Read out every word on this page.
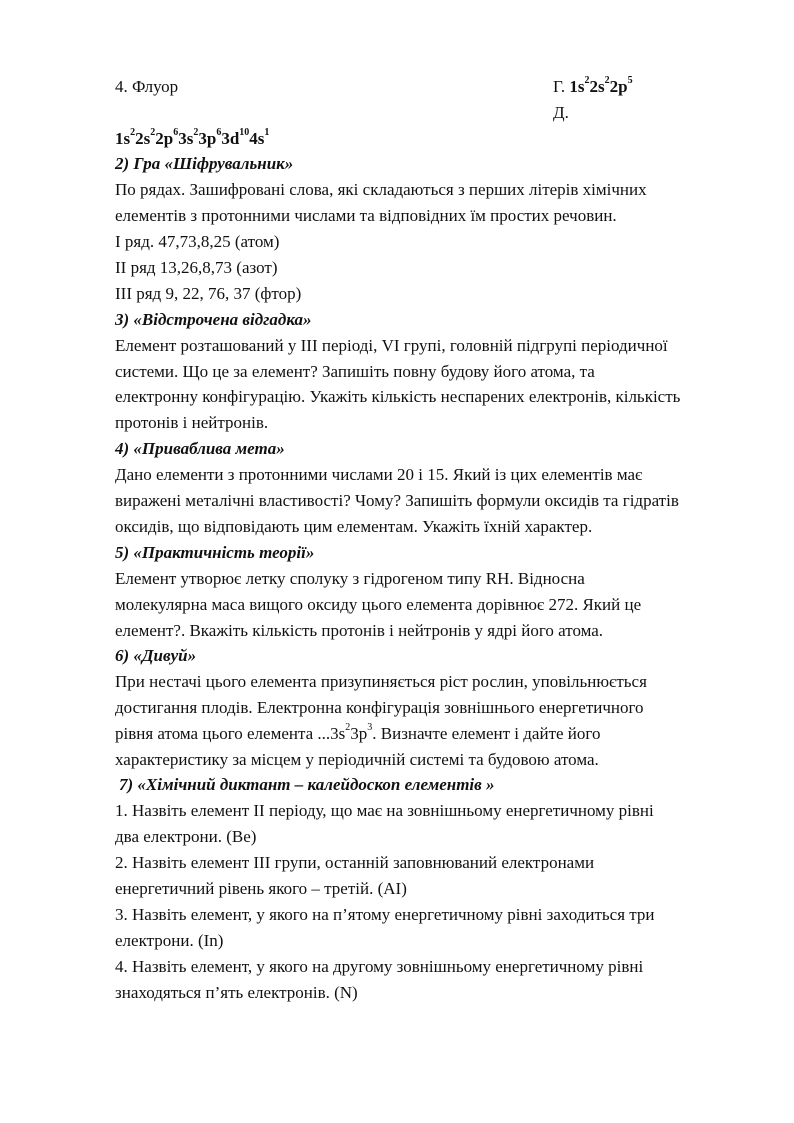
4. Флуор	Г. $1s^22s^22p^5$
Д.
$1s^22s^22p^63s^23p^63d^{10}4s^1$
2) Гра «Шіфрувальник»
По рядах. Зашифровані слова, які складаються з перших літерів хімічних
елементів з протонними числами та відповідних їм простих речовин.
І ряд. 47,73,8,25 (атом)
ІІ ряд 13,26,8,73 (азот)
ІІІ ряд 9, 22, 76, 37 (фтор)
3) «Відстрочена відгадка»
Елемент розташований у ІІІ періоді, VІ групі, головній підгрупі періодичної
системи. Що це за елемент? Запишіть повну будову його атома, та
електронну конфігурацію. Укажіть кількість неспарених електронів, кількість
протонів і нейтронів.
4) «Приваблива мета»
Дано елементи з протонними числами 20 і 15. Який із цих елементів має
виражені металічні властивості? Чому? Запишіть формули оксидів та гідратів
оксидів, що відповідають цим елементам. Укажіть їхній характер.
5) «Практичність теорії»
Елемент утворює летку сполуку з гідрогеном типу RH. Відносна
молекулярна маса вищого оксиду цього елемента дорівнює 272. Який це
елемент?. Вкажіть кількість протонів і нейтронів у ядрі його атома.
6) «Дивуй»
При нестачі цього елемента призупиняється ріст рослин, уповільнюється
достигання плодів. Електронна конфігурація зовнішнього енергетичного
рівня атома цього елемента $...3s^23p^3$. Визначте елемент і дайте його
характеристику за місцем у періодичній системі та будовою атома.
7) «Хімічний диктант – калейдоскоп елементів »
1. Назвіть елемент ІІ періоду, що має на зовнішньому енергетичному рівні
два електрони. (Ве)
2. Назвіть елемент ІІІ групи, останній заповнюваний електронами
енергетичний рівень якого – третій. (АІ)
3. Назвіть елемент, у якого на п’ятому енергетичному рівні заходиться три
електрони. (In)
4. Назвіть елемент, у якого на другому зовнішньому енергетичному рівні
знаходяться п’ять електронів. (N)
